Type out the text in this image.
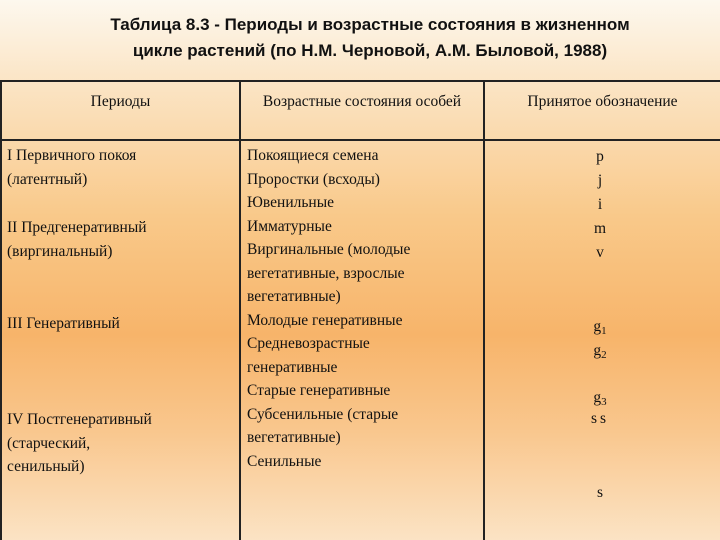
Таблица 8.3 - Периоды и возрастные состояния в жизненном
цикле растений (по Н.М. Черновой, А.М. Быловой, 1988)
Периоды	Возрастные состояния особей	Принятое обозначение
I Первичного покоя
(латентный)
II Предгенеративный
(виргинальный)
III Генеративный
IV Постгенеративный
(старческий,
сенильный)
Покоящиеся семена
Проростки (всходы)
Ювенильные
Имматурные
Виргинальные (молодые
вегетативные, взрослые
вегетативные)
Молодые генеративные
Средневозрастные
генеративные
Старые генеративные
Субсенильные (старые
вегетативные)
Сенильные
p
j
i
m
v
$g_1$
$g_2$
$g_3$
ss
s
